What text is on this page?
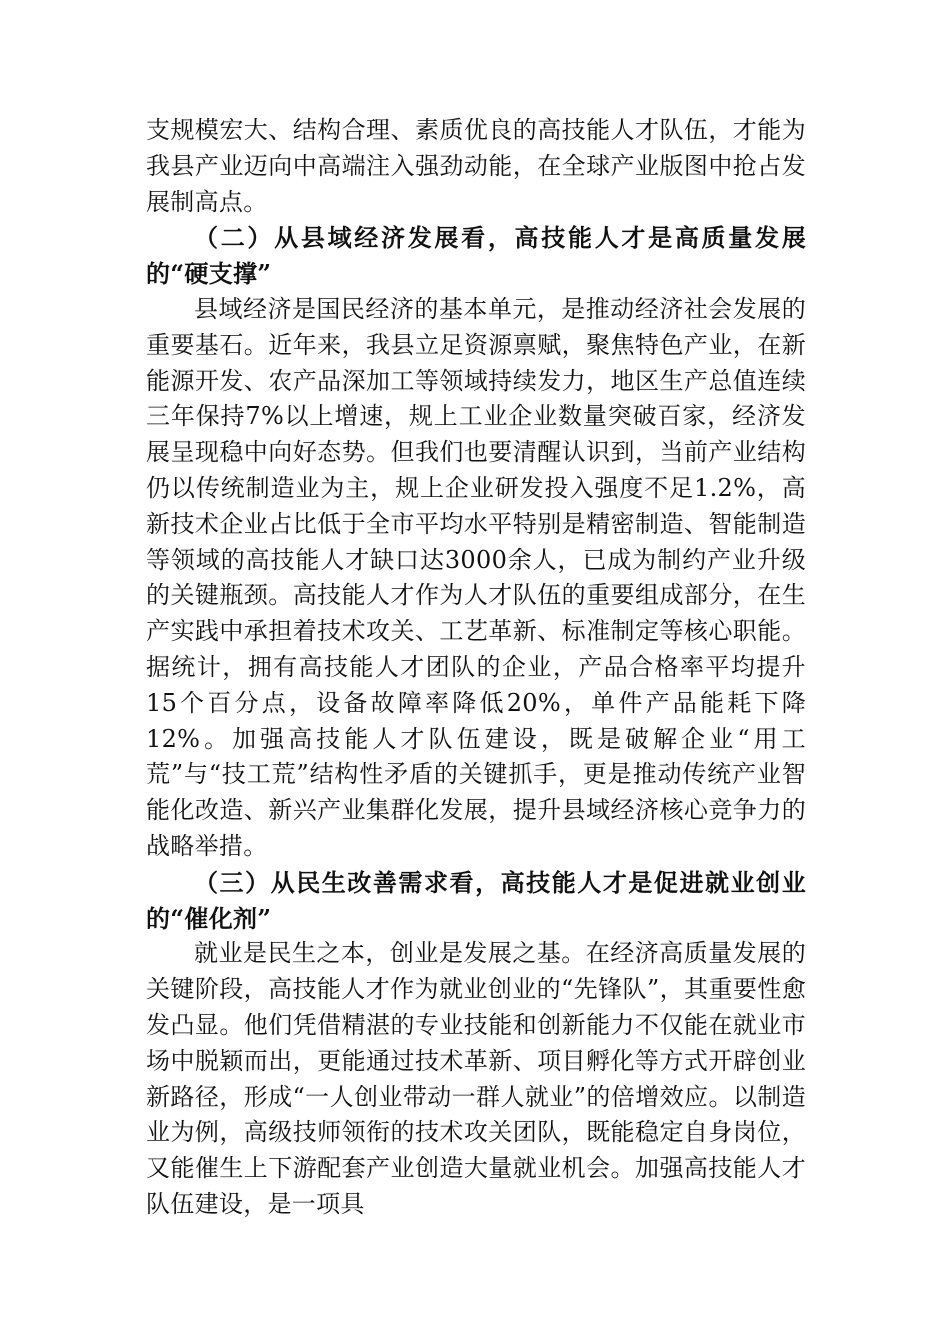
支规模宏大、结构合理、素质优良的高技能人才队伍，才能为我县产业迈向中高端注入强劲动能，在全球产业版图中抢占发展制高点。

（二）从县域经济发展看，高技能人才是高质量发展的“硬支撑”

县域经济是国民经济的基本单元，是推动经济社会发展的重要基石。近年来，我县立足资源禀赋，聚焦特色产业，在新能源开发、农产品深加工等领域持续发力，地区生产总值连续三年保持7%以上增速，规上工业企业数量突破百家，经济发展呈现稳中向好态势。但我们也要清醒认识到，当前产业结构仍以传统制造业为主，规上企业研发投入强度不足1.2%，高新技术企业占比低于全市平均水平特别是精密制造、智能制造等领域的高技能人才缺口达3000余人，已成为制约产业升级的关键瓶颈。高技能人才作为人才队伍的重要组成部分，在生产实践中承担着技术攻关、工艺革新、标准制定等核心职能。据统计，拥有高技能人才团队的企业，产品合格率平均提升15个百分点，设备故障率降低20%，单件产品能耗下降12%。加强高技能人才队伍建设，既是破解企业“用工荒”与“技工荒”结构性矛盾的关键抓手，更是推动传统产业智能化改造、新兴产业集群化发展，提升县域经济核心竞争力的战略举措。

（三）从民生改善需求看，高技能人才是促进就业创业的“催化剂”

就业是民生之本，创业是发展之基。在经济高质量发展的关键阶段，高技能人才作为就业创业的“先锋队”，其重要性愈发凸显。他们凭借精湛的专业技能和创新能力不仅能在就业市场中脱颖而出，更能通过技术革新、项目孵化等方式开辟创业新路径，形成“一人创业带动一群人就业”的倍增效应。以制造业为例，高级技师领衔的技术攻关团队，既能稳定自身岗位，又能催生上下游配套产业创造大量就业机会。加强高技能人才队伍建设，是一项具
